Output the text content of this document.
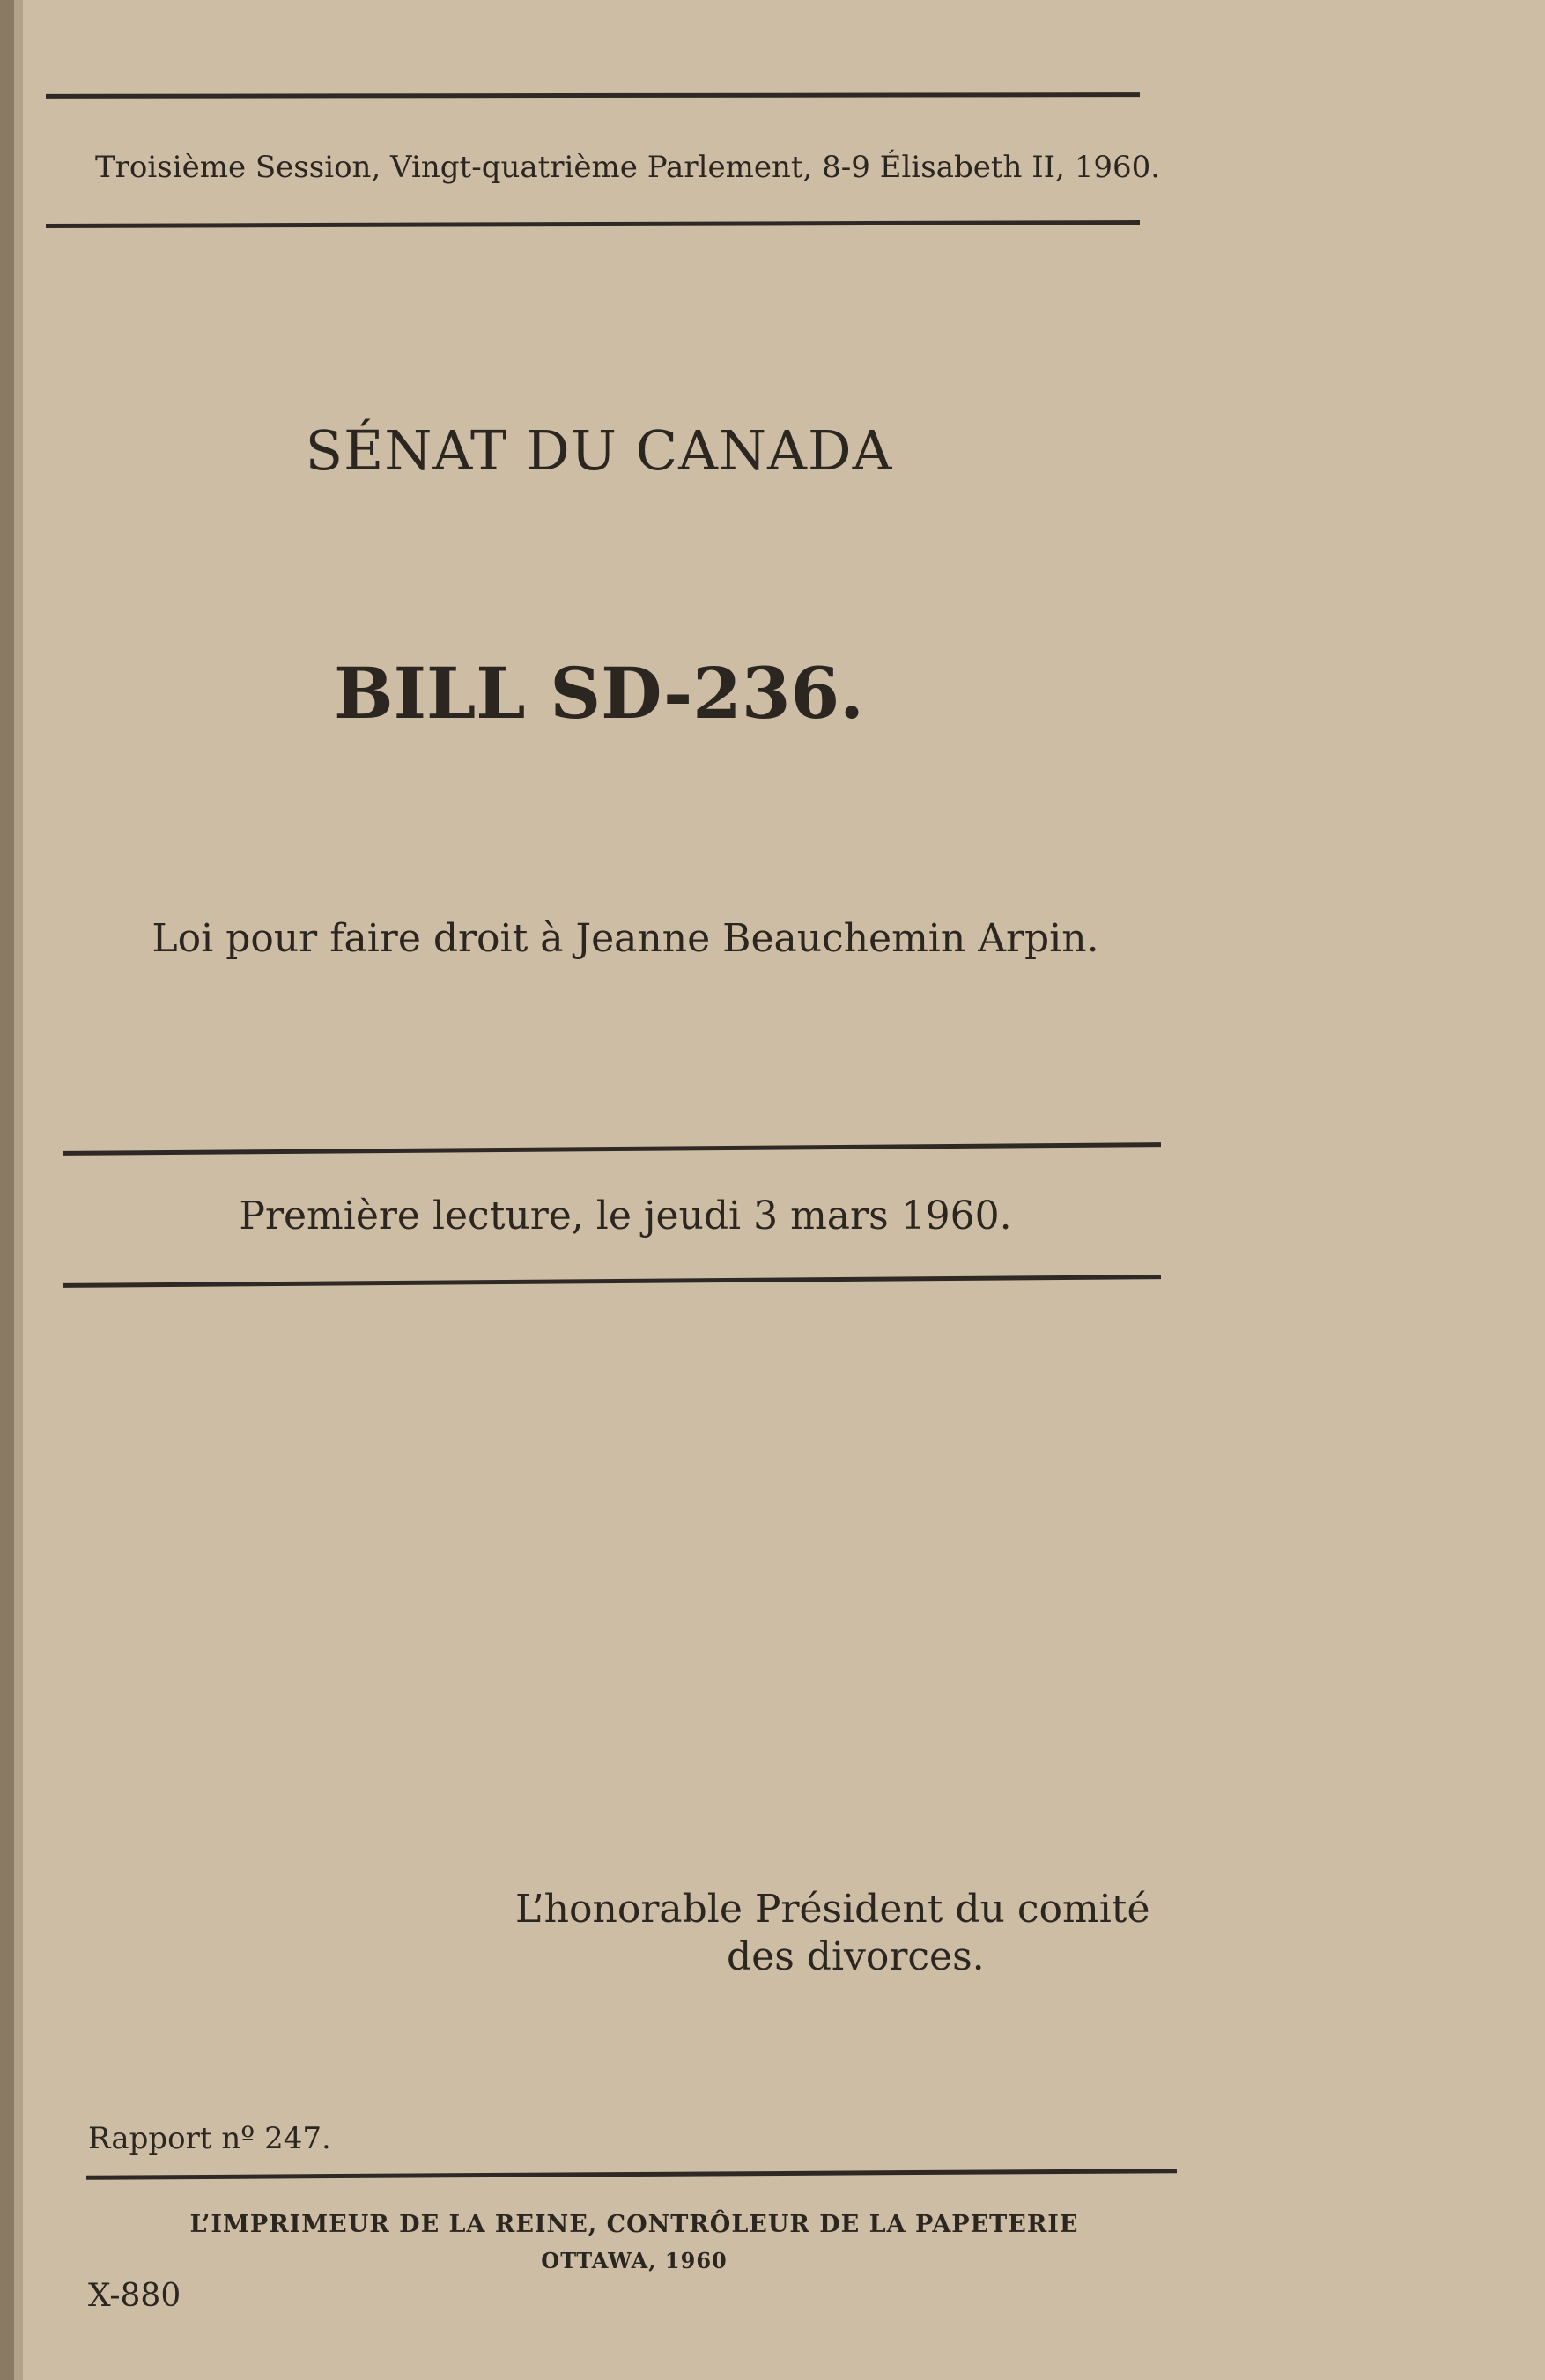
Troisième Session, Vingt-quatrième Parlement, 8-9 Élisabeth II, 1960.

SÉNAT DU CANADA

BILL SD-236.

Loi pour faire droit à Jeanne Beauchemin Arpin.

Première lecture, le jeudi 3 mars 1960.

L’honorable Président du comité

des divorces.

Rapport nº 247.

L’IMPRIMEUR DE LA REINE, CONTRÔLEUR DE LA PAPETERIE

OTTAWA, 1960

X-880
